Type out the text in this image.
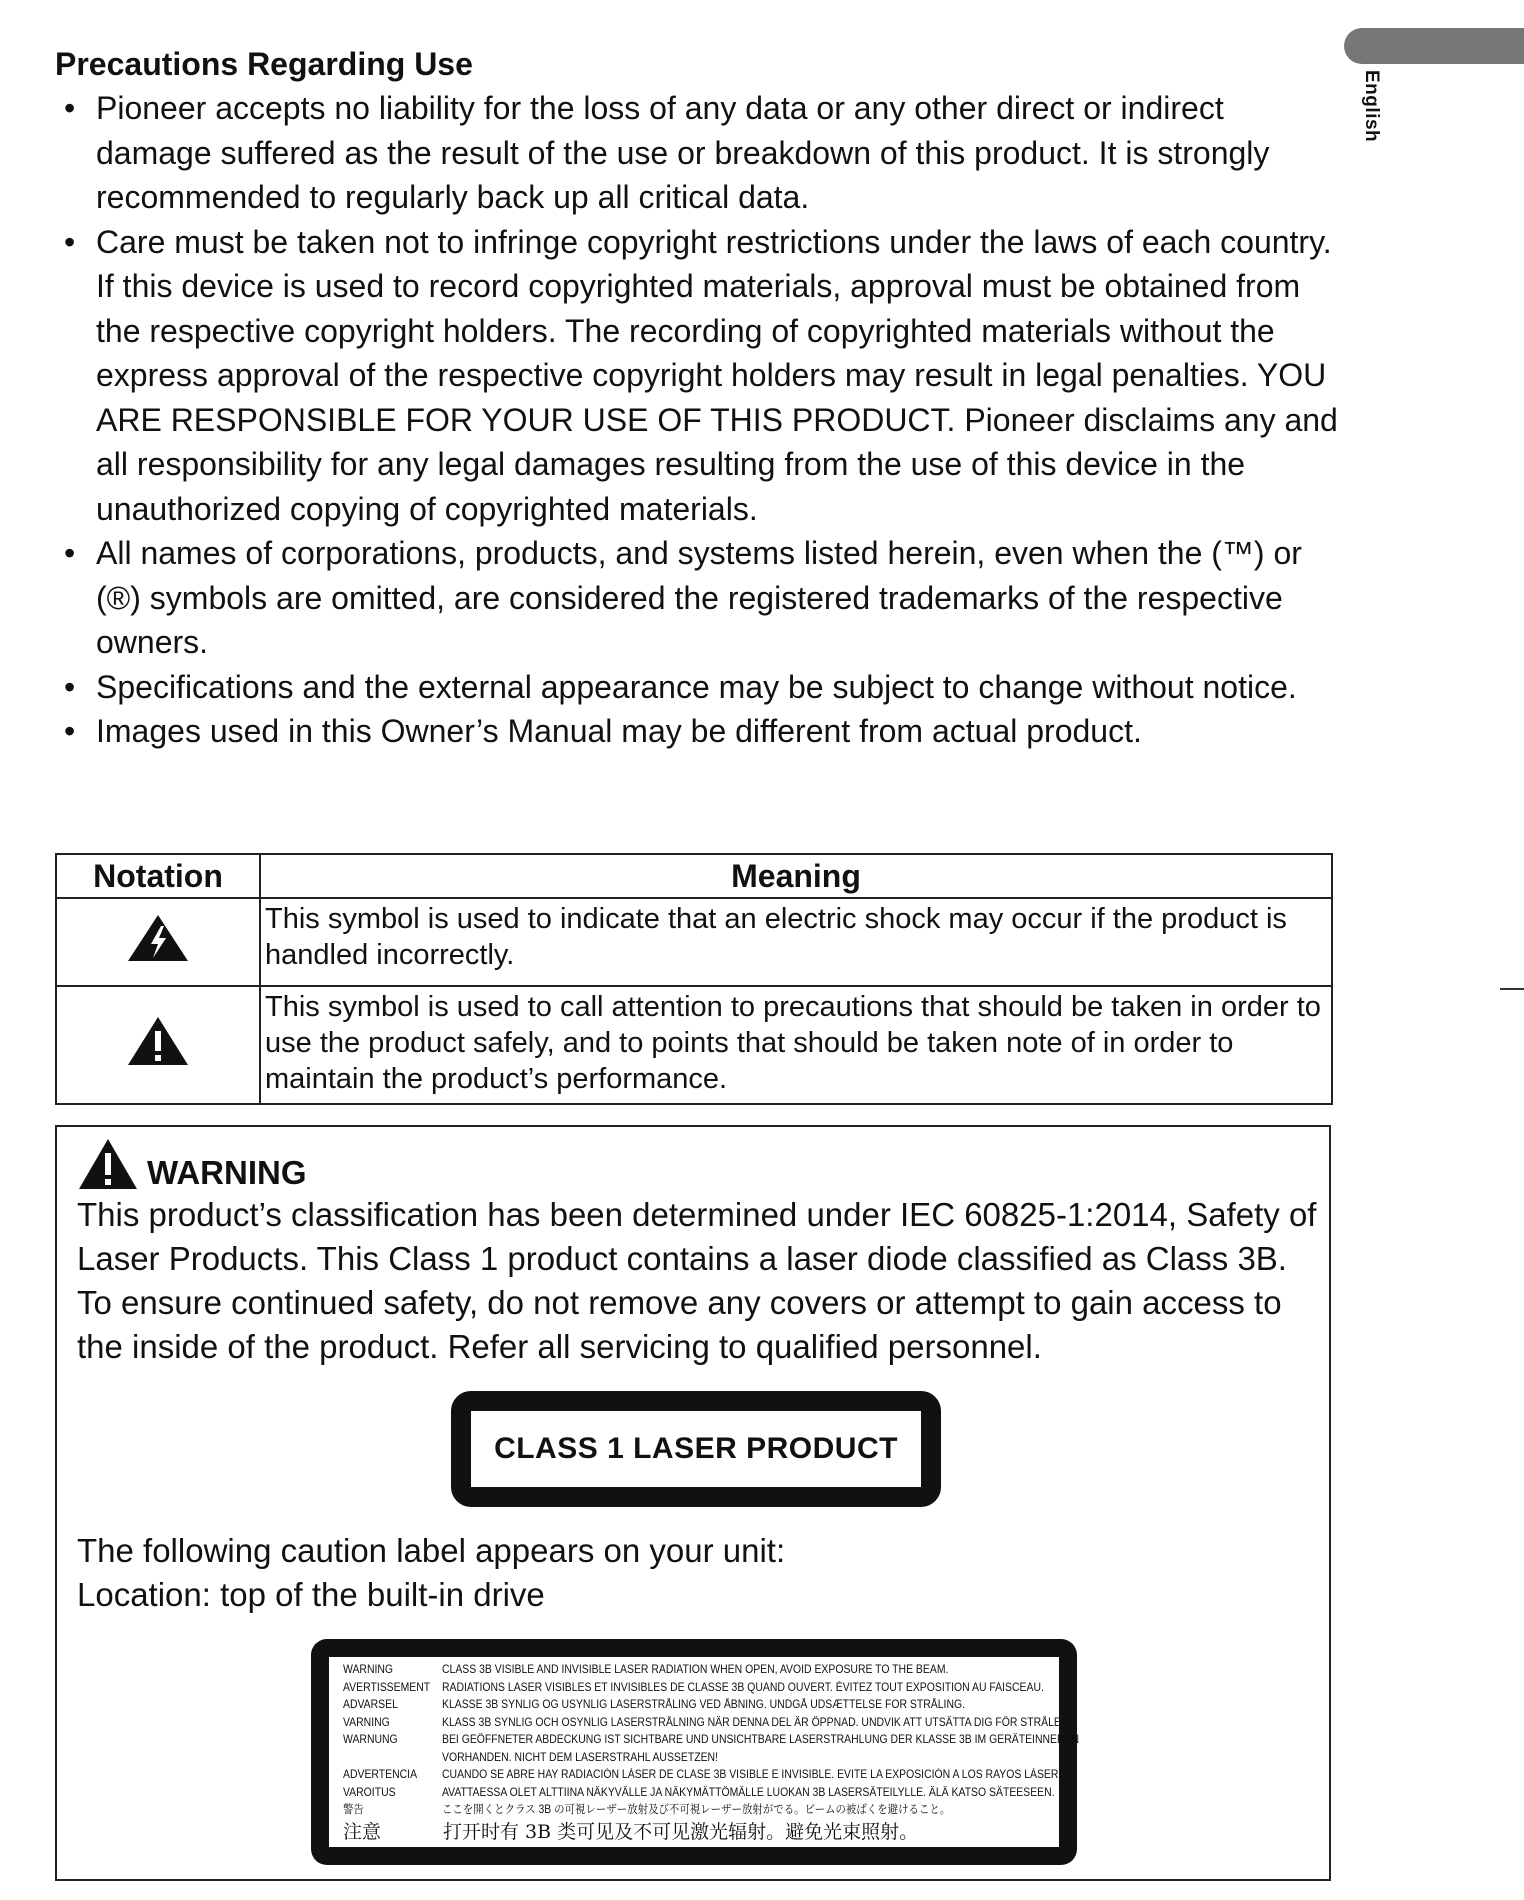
English
Precautions Regarding Use
• Pioneer accepts no liability for the loss of any data or any other direct or indirect damage suffered as the result of the use or breakdown of this product. It is strongly recommended to regularly back up all critical data.
• Care must be taken not to infringe copyright restrictions under the laws of each country. If this device is used to record copyrighted materials, approval must be obtained from the respective copyright holders. The recording of copyrighted materials without the express approval of the respective copyright holders may result in legal penalties. YOU ARE RESPONSIBLE FOR YOUR USE OF THIS PRODUCT. Pioneer disclaims any and all responsibility for any legal damages resulting from the use of this device in the unauthorized copying of copyrighted materials.
• All names of corporations, products, and systems listed herein, even when the (™) or (®) symbols are omitted, are considered the registered trademarks of the respective owners.
• Specifications and the external appearance may be subject to change without notice.
• Images used in this Owner’s Manual may be different from actual product.
Notation	Meaning
	This symbol is used to indicate that an electric shock may occur if the product is handled incorrectly.
	This symbol is used to call attention to precautions that should be taken in order to use the product safely, and to points that should be taken note of in order to maintain the product’s performance.
WARNING
This product’s classification has been determined under IEC 60825-1:2014, Safety of Laser Products. This Class 1 product contains a laser diode classified as Class 3B. To ensure continued safety, do not remove any covers or attempt to gain access to the inside of the product. Refer all servicing to qualified personnel.
CLASS 1 LASER PRODUCT
The following caution label appears on your unit:
Location: top of the built-in drive
WARNING	CLASS 3B VISIBLE AND INVISIBLE LASER RADIATION WHEN OPEN, AVOID EXPOSURE TO THE BEAM.
AVERTISSEMENT	RADIATIONS LASER VISIBLES ET INVISIBLES DE CLASSE 3B QUAND OUVERT. ÉVITEZ TOUT EXPOSITION AU FAISCEAU.
ADVARSEL	KLASSE 3B SYNLIG OG USYNLIG LASERSTRÅLING VED ÅBNING. UNDGÅ UDSÆTTELSE FOR STRÅLING.
VARNING	KLASS 3B SYNLIG OCH OSYNLIG LASERSTRÅLNING NÄR DENNA DEL ÄR ÖPPNAD. UNDVIK ATT UTSÄTTA DIG FÖR STRÅLEN.
WARNUNG	BEI GEÖFFNETER ABDECKUNG IST SICHTBARE UND UNSICHTBARE LASERSTRAHLUNG DER KLASSE 3B IM GERÄTEINNEREN
VORHANDEN. NICHT DEM LASERSTRAHL AUSSETZEN!
ADVERTENCIA	CUANDO SE ABRE HAY RADIACIÓN LÁSER DE CLASE 3B VISIBLE E INVISIBLE. EVITE LA EXPOSICIÓN A LOS RAYOS LÁSER.
VAROITUS	AVATTAESSA OLET ALTTIINA NÄKYVÄLLE JA NÄKYMÄTTÖMÄLLE LUOKAN 3B LASERSÄTEILYLLE. ÄLÄ KATSO SÄTEESEEN.
警告	ここを開くとクラス 3B の可視レーザー放射及び不可視レーザー放射がでる。ビームの被ばくを避けること。
注意	打开时有 3B 类可见及不可见激光辐射。避免光束照射。
